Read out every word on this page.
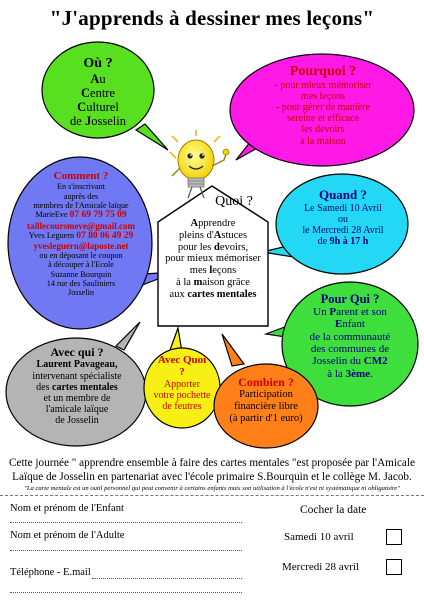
"J'apprends à dessiner mes leçons"
Où ?
Au
Centre
Culturel
de Josselin
Pourquoi ?
- pour mieux mémoriser
mes leçons
- pour gérer de manière
sereine et efficace
les devoirs
à la maison
Quoi ?
Apprendre
pleins d'Astuces
pour les devoirs,
pour mieux mémoriser
mes leçons
à la maison grâce
aux cartes mentales
Quand ?
Le Samedi 10 Avril
ou
le Mercredi 28 Avril
de 9h à 17 h
Comment ?
En s'inscrivant
auprès des
membres de l'Amicale laïque
MarieEve 07 69 79 75 09
taillecoursmeve@gmail.com
Yves Leguern 07 80 06 49 29
yvesleguern@laposte.net
ou en déposant le coupon
à découper à l'Ecole
Suzanne Bourquin
14 rue des Sauliniers
Josselin	Pour Qui ?
Un Parent et son
Enfant
de la communauté
des communes de
Josselin du CM2
à la 3ème.
Avec qui ?
Laurent Pavageau,
intervenant spécialiste
des cartes mentales
et un membre de
l'amicale laïque
de Josselin
Avec Quoi ?
Apporter
votre pochette
de feutres
Combien ?
Participation
financière libre
(à partir d'1 euro)
Cette journée " apprendre ensemble à faire des cartes mentales "est proposée par l'Amicale Laïque de Josselin en partenariat avec l'école primaire S.Bourquin et le collège M. Jacob.
"La carte mentale est un outil personnel qui peut convenir à certains enfants mais son utilisation à l'école n'est ni systématique ni obligatoire"
Nom et prénom de l'Enfant
Nom et prénom de l'Adulte
Téléphone - E.mail
Cocher la date
Samedi 10 avril
Mercredi 28 avril
